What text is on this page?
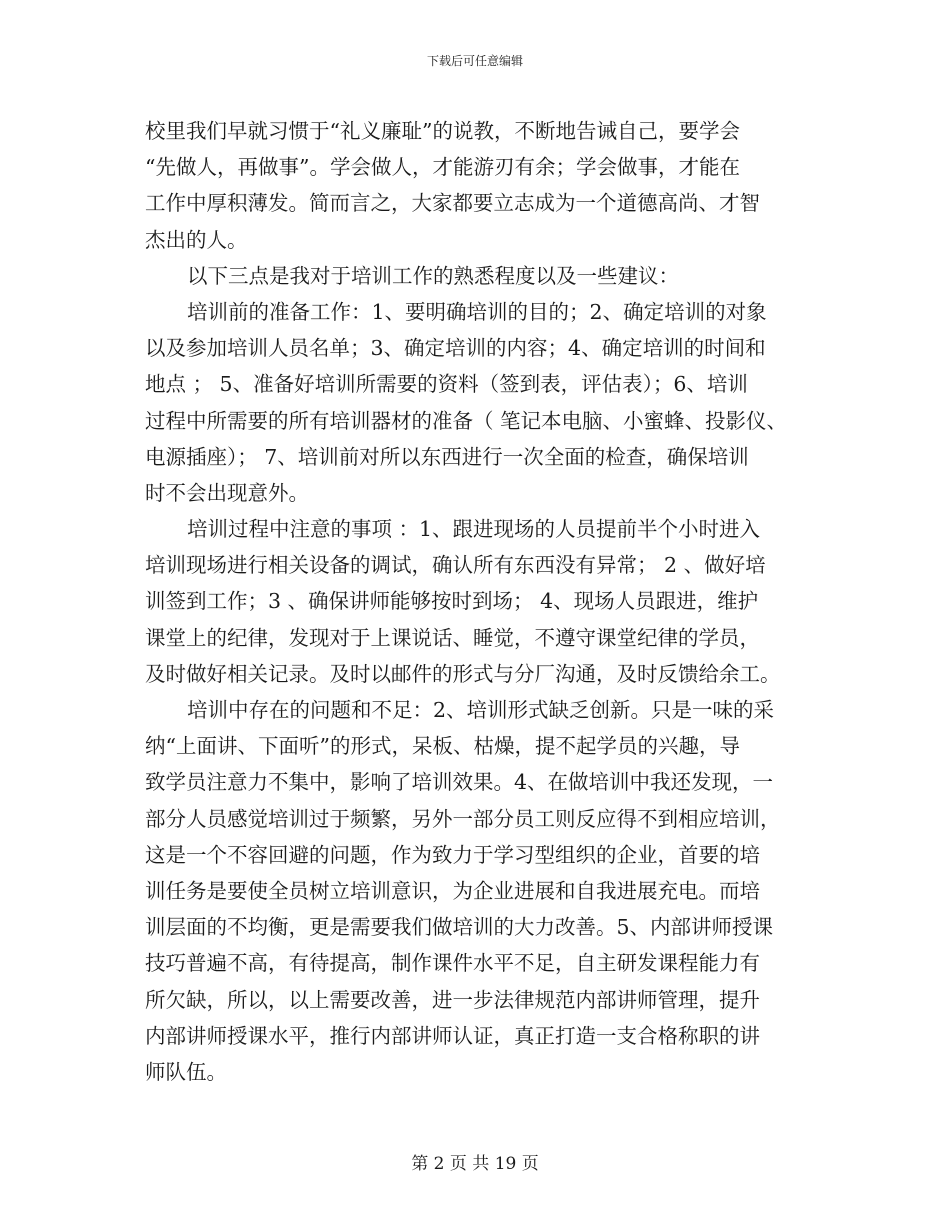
下载后可任意编辑
校里我们早就习惯于“礼义廉耻”的说教，不断地告诫自己，要学会
“先做人，再做事”。学会做人，才能游刃有余；学会做事，才能在
工作中厚积薄发。简而言之，大家都要立志成为一个道德高尚、才智
杰出的人。
以下三点是我对于培训工作的熟悉程度以及一些建议：
培训前的准备工作：1、要明确培训的目的；2、确定培训的对象
以及参加培训人员名单；3、确定培训的内容；4、确定培训的时间和
地点 ； 5、准备好培训所需要的资料（签到表，评估表）；6、培训
过程中所需要的所有培训器材的准备（ 笔记本电脑、小蜜蜂、投影仪、
电源插座）； 7、培训前对所以东西进行一次全面的检查，确保培训
时不会出现意外。
培训过程中注意的事项 ：1、跟进现场的人员提前半个小时进入
培训现场进行相关设备的调试，确认所有东西没有异常； 2 、做好培
训签到工作；3 、确保讲师能够按时到场； 4、现场人员跟进，维护
课堂上的纪律，发现对于上课说话、睡觉，不遵守课堂纪律的学员，
及时做好相关记录。及时以邮件的形式与分厂沟通，及时反馈给余工。
培训中存在的问题和不足：2、培训形式缺乏创新。只是一味的采
纳“上面讲、下面听”的形式，呆板、枯燥，提不起学员的兴趣，导
致学员注意力不集中，影响了培训效果。4、在做培训中我还发现，一
部分人员感觉培训过于频繁，另外一部分员工则反应得不到相应培训，
这是一个不容回避的问题，作为致力于学习型组织的企业，首要的培
训任务是要使全员树立培训意识，为企业进展和自我进展充电。而培
训层面的不均衡，更是需要我们做培训的大力改善。5、内部讲师授课
技巧普遍不高，有待提高，制作课件水平不足，自主研发课程能力有
所欠缺，所以，以上需要改善，进一步法律规范内部讲师管理，提升
内部讲师授课水平，推行内部讲师认证，真正打造一支合格称职的讲
师队伍。
第 2 页 共 19 页
